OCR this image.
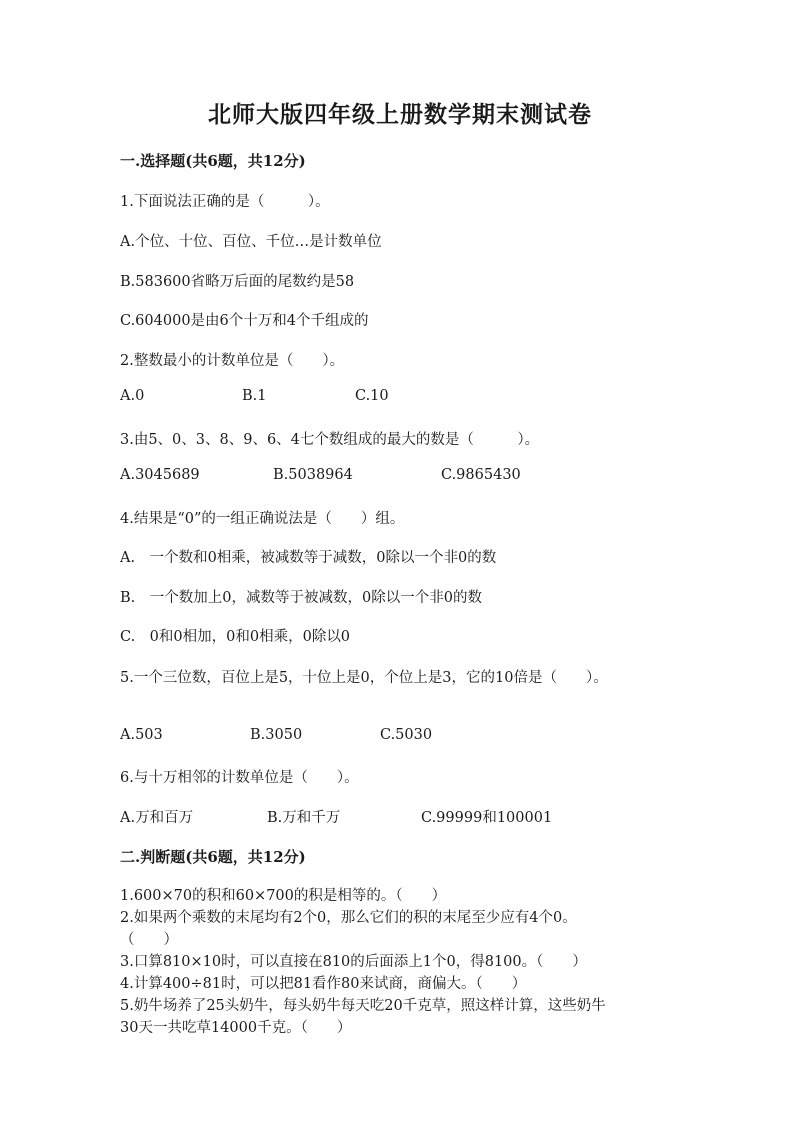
北师大版四年级上册数学期末测试卷
一.选择题(共6题，共12分)
1.下面说法正确的是（　　　）。
A.个位、十位、百位、千位…是计数单位
B.583600省略万后面的尾数约是58
C.604000是由6个十万和4个千组成的
2.整数最小的计数单位是（　　）。
A.0	B.1	C.10
3.由5、0、3、8、9、6、4七个数组成的最大的数是（　　　）。
A.3045689	B.5038964	C.9865430
4.结果是“0”的一组正确说法是（　　）组。
A.　一个数和0相乘，被减数等于减数，0除以一个非0的数
B.　一个数加上0，减数等于被减数，0除以一个非0的数
C.　0和0相加，0和0相乘，0除以0
5.一个三位数，百位上是5，十位上是0，个位上是3，它的10倍是（　　）。
A.503	B.3050	C.5030
6.与十万相邻的计数单位是（　　）。
A.万和百万	B.万和千万	C.99999和100001
二.判断题(共6题，共12分)
1.600×70的积和60×700的积是相等的。（　　）
2.如果两个乘数的末尾均有2个0，那么它们的积的末尾至少应有4个0。
（　　）
3.口算810×10时，可以直接在810的后面添上1个0，得8100。（　　）
4.计算400÷81时，可以把81看作80来试商，商偏大。（　　）
5.奶牛场养了25头奶牛，每头奶牛每天吃20千克草，照这样计算，这些奶牛
30天一共吃草14000千克。（　　）
